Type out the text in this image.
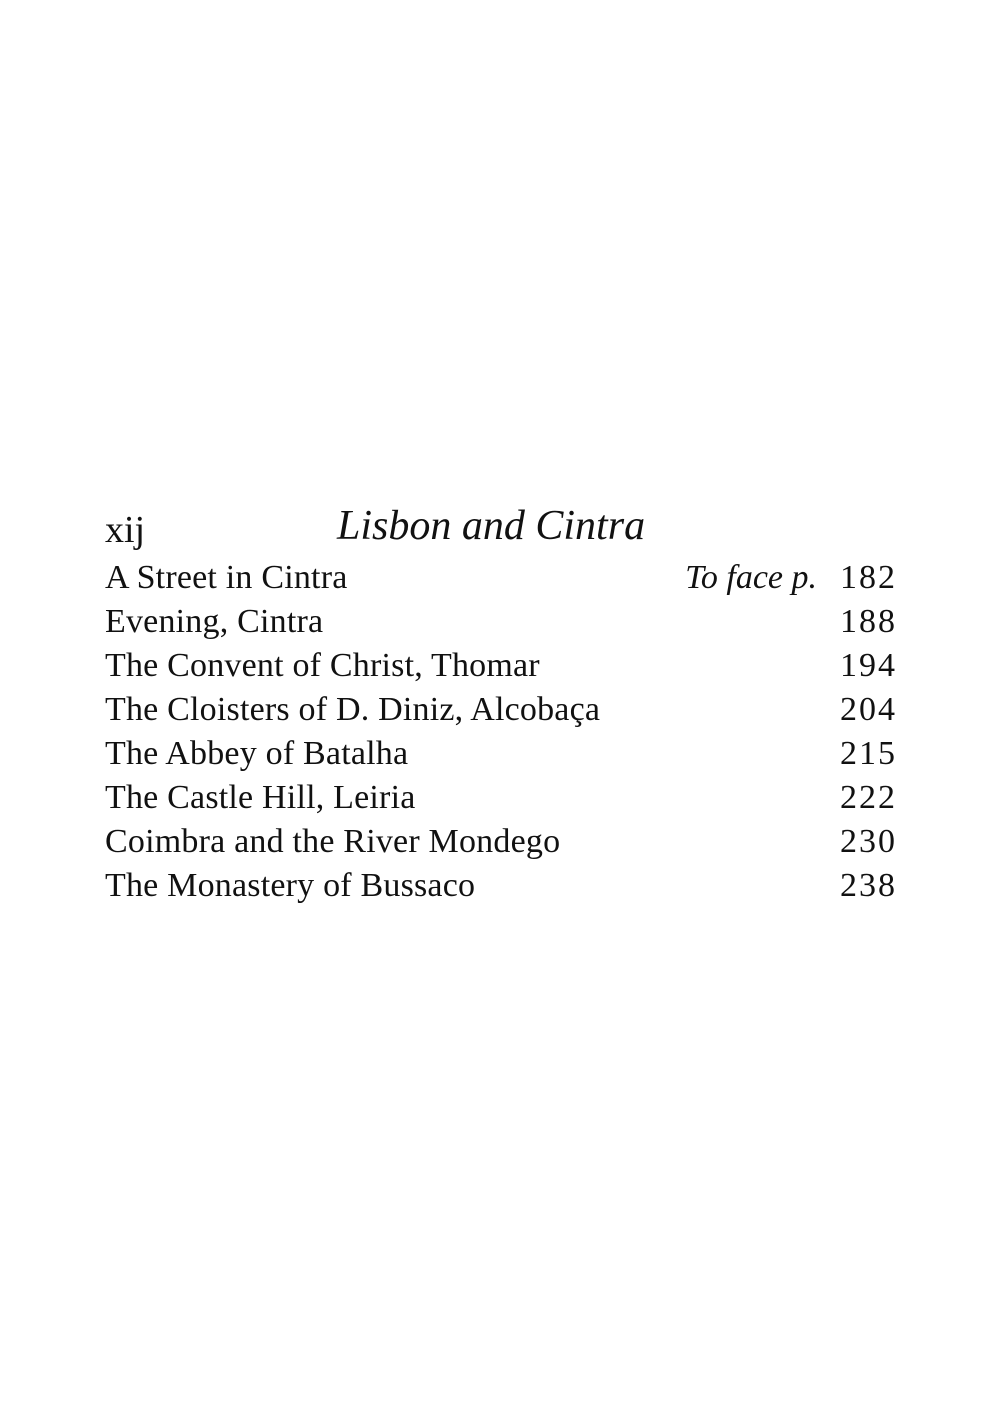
xij	Lisbon and Cintra
A Street in Cintra	To face p. 182
Evening, Cintra	188
The Convent of Christ, Thomar	194
The Cloisters of D. Diniz, Alcobaça	204
The Abbey of Batalha	215
The Castle Hill, Leiria	222
Coimbra and the River Mondego	230
The Monastery of Bussaco	238
